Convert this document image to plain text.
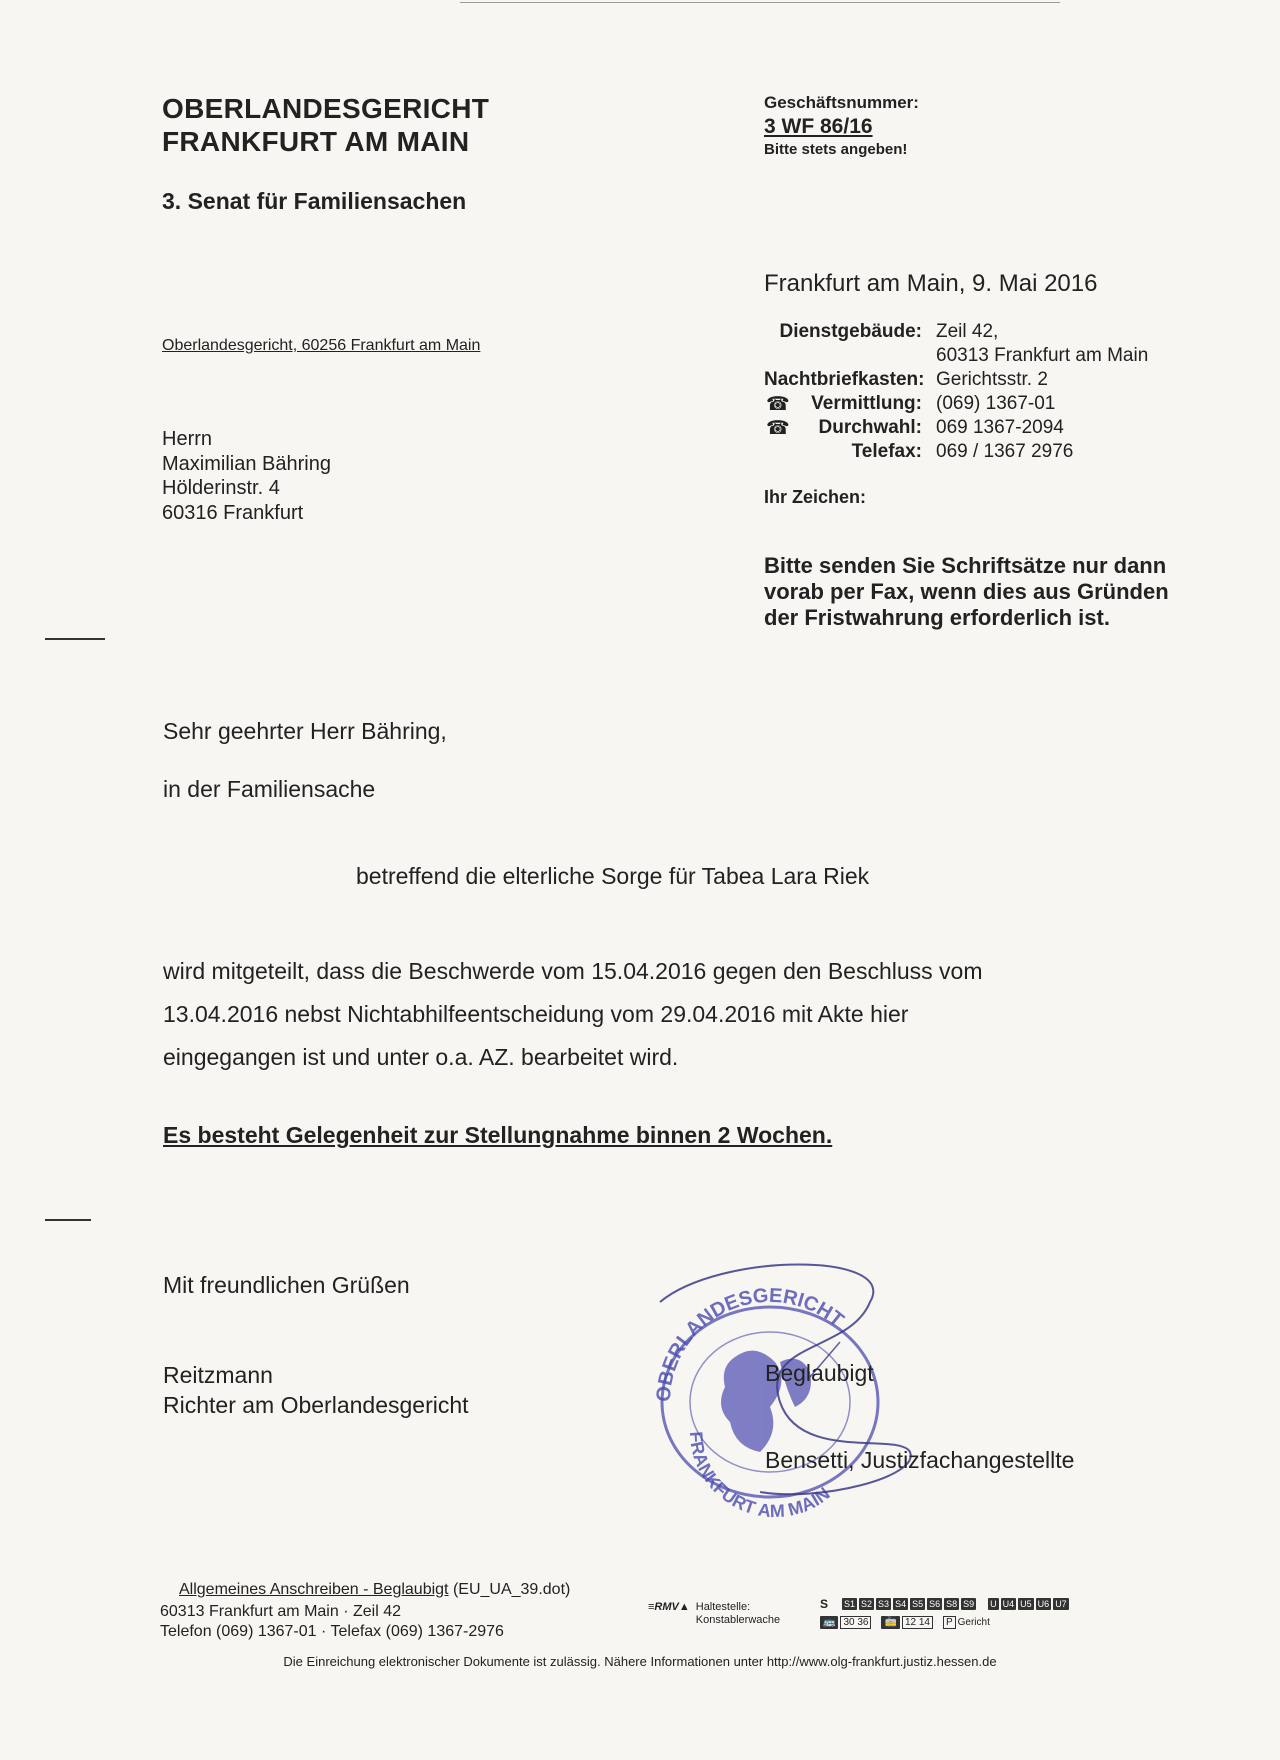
OBERLANDESGERICHT
FRANKFURT AM MAIN
3. Senat für Familiensachen
Geschäftsnummer:
3 WF 86/16
Bitte stets angeben!
Frankfurt am Main, 9. Mai 2016
Oberlandesgericht, 60256 Frankfurt am Main
Herrn
Maximilian Bähring
Hölderinstr. 4
60316 Frankfurt
Dienstgebäude: Zeil 42,
60313 Frankfurt am Main
Nachtbriefkasten: Gerichtsstr. 2
☎ Vermittlung: (069) 1367-01
☎ Durchwahl: 069 1367-2094
Telefax: 069 / 1367 2976
Ihr Zeichen:
Bitte senden Sie Schriftsätze nur dann
vorab per Fax, wenn dies aus Gründen
der Fristwahrung erforderlich ist.
Sehr geehrter Herr Bähring,
in der Familiensache
betreffend die elterliche Sorge für Tabea Lara Riek
wird mitgeteilt, dass die Beschwerde vom 15.04.2016 gegen den Beschluss vom
13.04.2016 nebst Nichtabhilfeentscheidung vom 29.04.2016 mit Akte hier
eingegangen ist und unter o.a. AZ. bearbeitet wird.
Es besteht Gelegenheit zur Stellungnahme binnen 2 Wochen.
Mit freundlichen Grüßen
Reitzmann
Richter am Oberlandesgericht	OBERLANDESGERICHT
FRANKFURT AM MAIN
Beglaubigt
Bensetti, Justizfachangestellte
Allgemeines Anschreiben - Beglaubigt (EU_UA_39.dot)
60313 Frankfurt am Main · Zeil 42
Telefon (069) 1367-01 · Telefax (069) 1367-2976
≡RMV▲ Haltestelle:
Konstablerwache
S S1 S2 S3 S4 S5 S6 S8 S9 U U4 U5 U6 U7
🚌 30 36	🚋 12 14	P Gericht
Die Einreichung elektronischer Dokumente ist zulässig. Nähere Informationen unter http://www.olg-frankfurt.justiz.hessen.de
